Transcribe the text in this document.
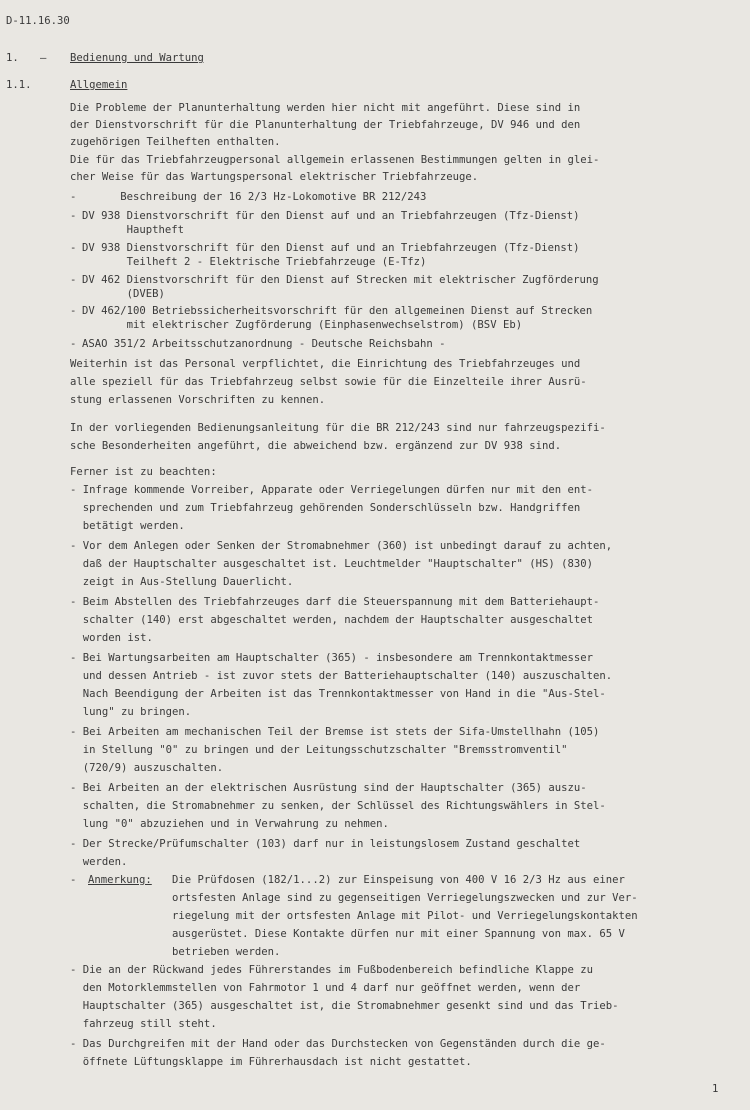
D-11.16.30
1. – Bedienung und Wartung
1.1.	Allgemein
Die Probleme der Planunterhaltung werden hier nicht mit angeführt. Diese sind in
der Dienstvorschrift für die Planunterhaltung der Triebfahrzeuge, DV 946 und den
zugehörigen Teilheften enthalten.
Die für das Triebfahrzeugpersonal allgemein erlassenen Bestimmungen gelten in glei-
cher Weise für das Wartungspersonal elektrischer Triebfahrzeuge.
- Beschreibung der 16 2/3 Hz-Lokomotive BR 212/243
- DV 938 Dienstvorschrift für den Dienst auf und an Triebfahrzeugen (Tfz-Dienst)
Hauptheft
- DV 938 Dienstvorschrift für den Dienst auf und an Triebfahrzeugen (Tfz-Dienst)
Teilheft 2 - Elektrische Triebfahrzeuge (E-Tfz)
- DV 462 Dienstvorschrift für den Dienst auf Strecken mit elektrischer Zugförderung
(DVEB)
- DV 462/100 Betriebssicherheitsvorschrift für den allgemeinen Dienst auf Strecken
mit elektrischer Zugförderung (Einphasenwechselstrom) (BSV Eb)
- ASAO 351/2 Arbeitsschutzanordnung - Deutsche Reichsbahn -
Weiterhin ist das Personal verpflichtet, die Einrichtung des Triebfahrzeuges und
alle speziell für das Triebfahrzeug selbst sowie für die Einzelteile ihrer Ausrü-
stung erlassenen Vorschriften zu kennen.
In der vorliegenden Bedienungsanleitung für die BR 212/243 sind nur fahrzeugspezifi-
sche Besonderheiten angeführt, die abweichend bzw. ergänzend zur DV 938 sind.
Ferner ist zu beachten:
- Infrage kommende Vorreiber, Apparate oder Verriegelungen dürfen nur mit den ent-
sprechenden und zum Triebfahrzeug gehörenden Sonderschlüsseln bzw. Handgriffen
betätigt werden.
- Vor dem Anlegen oder Senken der Stromabnehmer (360) ist unbedingt darauf zu achten,
daß der Hauptschalter ausgeschaltet ist. Leuchtmelder "Hauptschalter" (HS) (830)
zeigt in Aus-Stellung Dauerlicht.
- Beim Abstellen des Triebfahrzeuges darf die Steuerspannung mit dem Batteriehaupt-
schalter (140) erst abgeschaltet werden, nachdem der Hauptschalter ausgeschaltet
worden ist.
- Bei Wartungsarbeiten am Hauptschalter (365) - insbesondere am Trennkontaktmesser
und dessen Antrieb - ist zuvor stets der Batteriehauptschalter (140) auszuschalten.
Nach Beendigung der Arbeiten ist das Trennkontaktmesser von Hand in die "Aus-Stel-
lung" zu bringen.
- Bei Arbeiten am mechanischen Teil der Bremse ist stets der Sifa-Umstellhahn (105)
in Stellung "0" zu bringen und der Leitungsschutzschalter "Bremsstromventil"
(720/9) auszuschalten.
- Bei Arbeiten an der elektrischen Ausrüstung sind der Hauptschalter (365) auszu-
schalten, die Stromabnehmer zu senken, der Schlüssel des Richtungswählers in Stel-
lung "0" abzuziehen und in Verwahrung zu nehmen.
- Der Strecke/Prüfumschalter (103) darf nur in leistungslosem Zustand geschaltet
werden.
- Anmerkung: Die Prüfdosen (182/1...2) zur Einspeisung von 400 V 16 2/3 Hz aus einer
ortsfesten Anlage sind zu gegenseitigen Verriegelungszwecken und zur Ver-
riegelung mit der ortsfesten Anlage mit Pilot- und Verriegelungskontakten
ausgerüstet. Diese Kontakte dürfen nur mit einer Spannung von max. 65 V
betrieben werden.
- Die an der Rückwand jedes Führerstandes im Fußbodenbereich befindliche Klappe zu
den Motorklemmstellen von Fahrmotor 1 und 4 darf nur geöffnet werden, wenn der
Hauptschalter (365) ausgeschaltet ist, die Stromabnehmer gesenkt sind und das Trieb-
fahrzeug still steht.
- Das Durchgreifen mit der Hand oder das Durchstecken von Gegenständen durch die ge-
öffnete Lüftungsklappe im Führerhausdach ist nicht gestattet.
1
